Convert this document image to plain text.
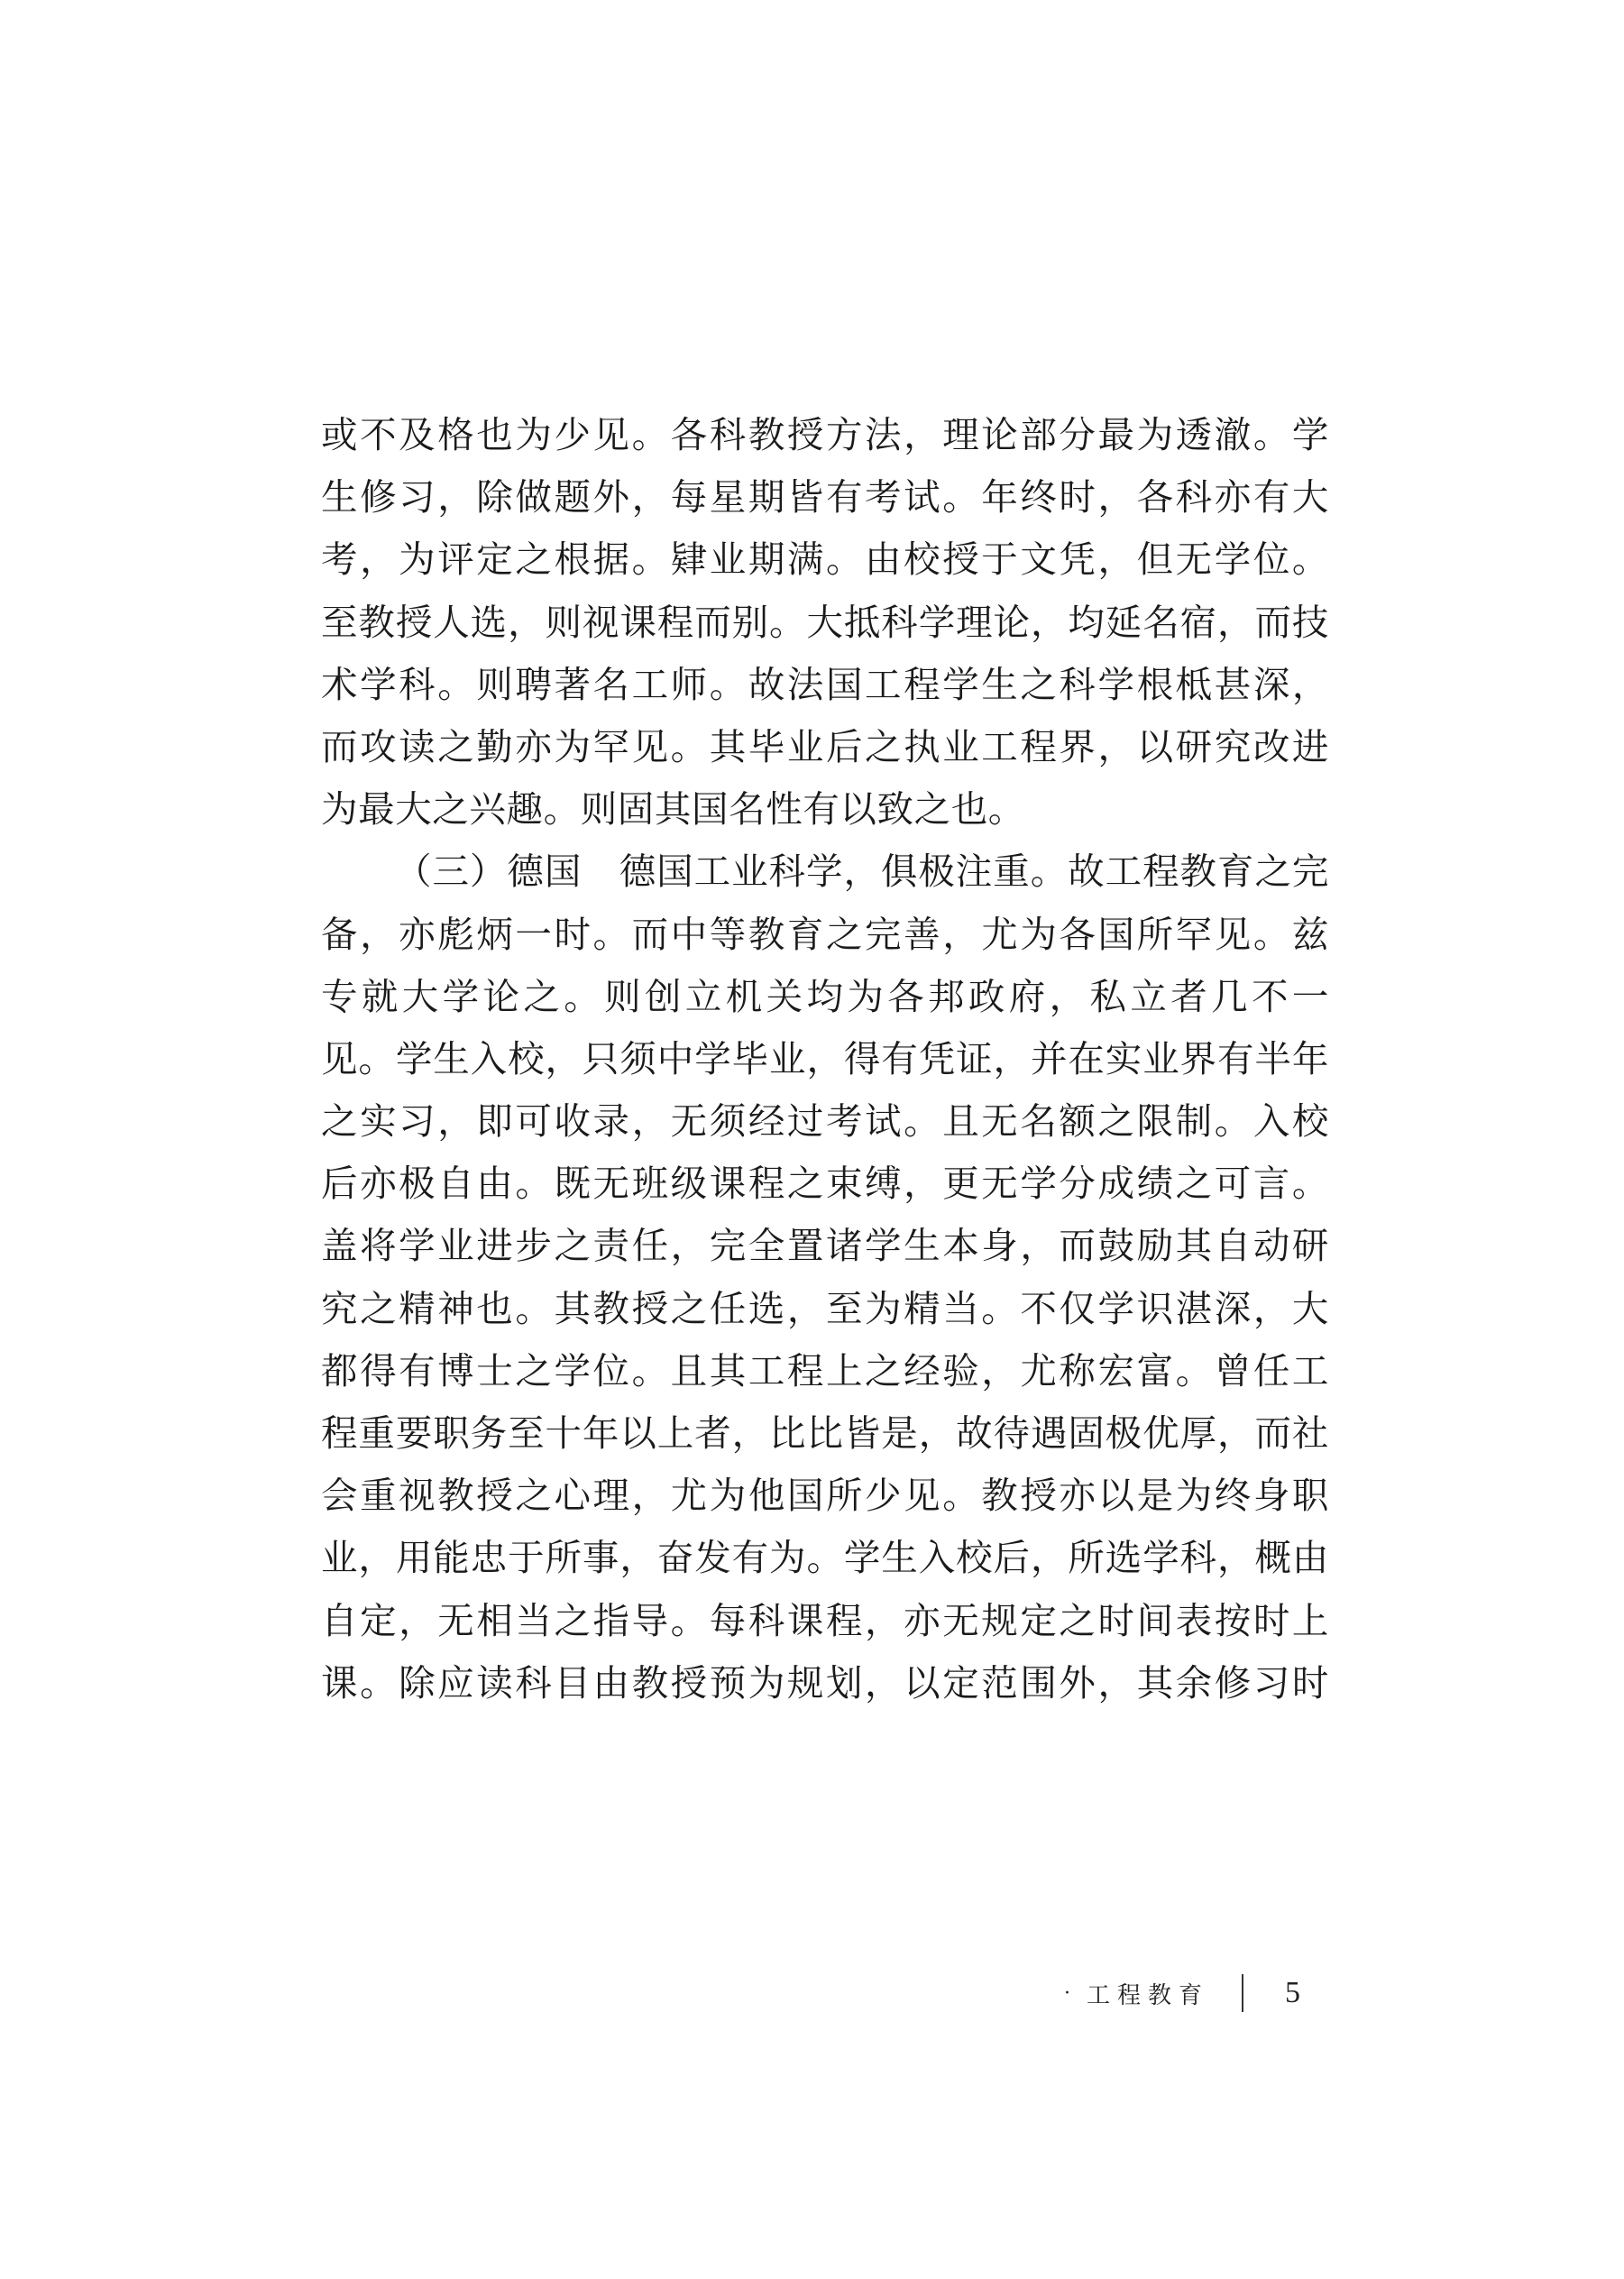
或不及格也为少见。各科教授方法，理论部分最为透澈。学
生修习，除做题外，每星期皆有考试。年终时，各科亦有大
考，为评定之根据。肄业期满。由校授于文凭，但无学位。
至教授人选，则视课程而别。大抵科学理论，均延名宿，而技
术学科。则聘著名工师。故法国工程学生之科学根柢甚深，
而攻读之勤亦为罕见。其毕业后之执业工程界，以研究改进
为最大之兴趣。则固其国名性有以致之也。
（三）德国　德国工业科学，俱极注重。故工程教育之完
备，亦彪炳一时。而中等教育之完善，尤为各国所罕见。兹
专就大学论之。则创立机关均为各邦政府，私立者几不一
见。学生入校，只须中学毕业，得有凭证，并在实业界有半年
之实习，即可收录，无须经过考试。且无名额之限制。入校
后亦极自由。既无班级课程之束缚，更无学分成绩之可言。
盖将学业进步之责任，完全置诸学生本身，而鼓励其自动研
究之精神也。其教授之任选，至为精当。不仅学识湛深，大
都得有博士之学位。且其工程上之经验，尤称宏富。曾任工
程重要职务至十年以上者，比比皆是，故待遇固极优厚，而社
会重视教授之心理，尤为他国所少见。教授亦以是为终身职
业，用能忠于所事，奋发有为。学生入校后，所选学科，概由
自定，无相当之指导。每科课程，亦无规定之时间表按时上
课。除应读科目由教授预为规划，以定范围外，其余修习时
· 工程教育 5
